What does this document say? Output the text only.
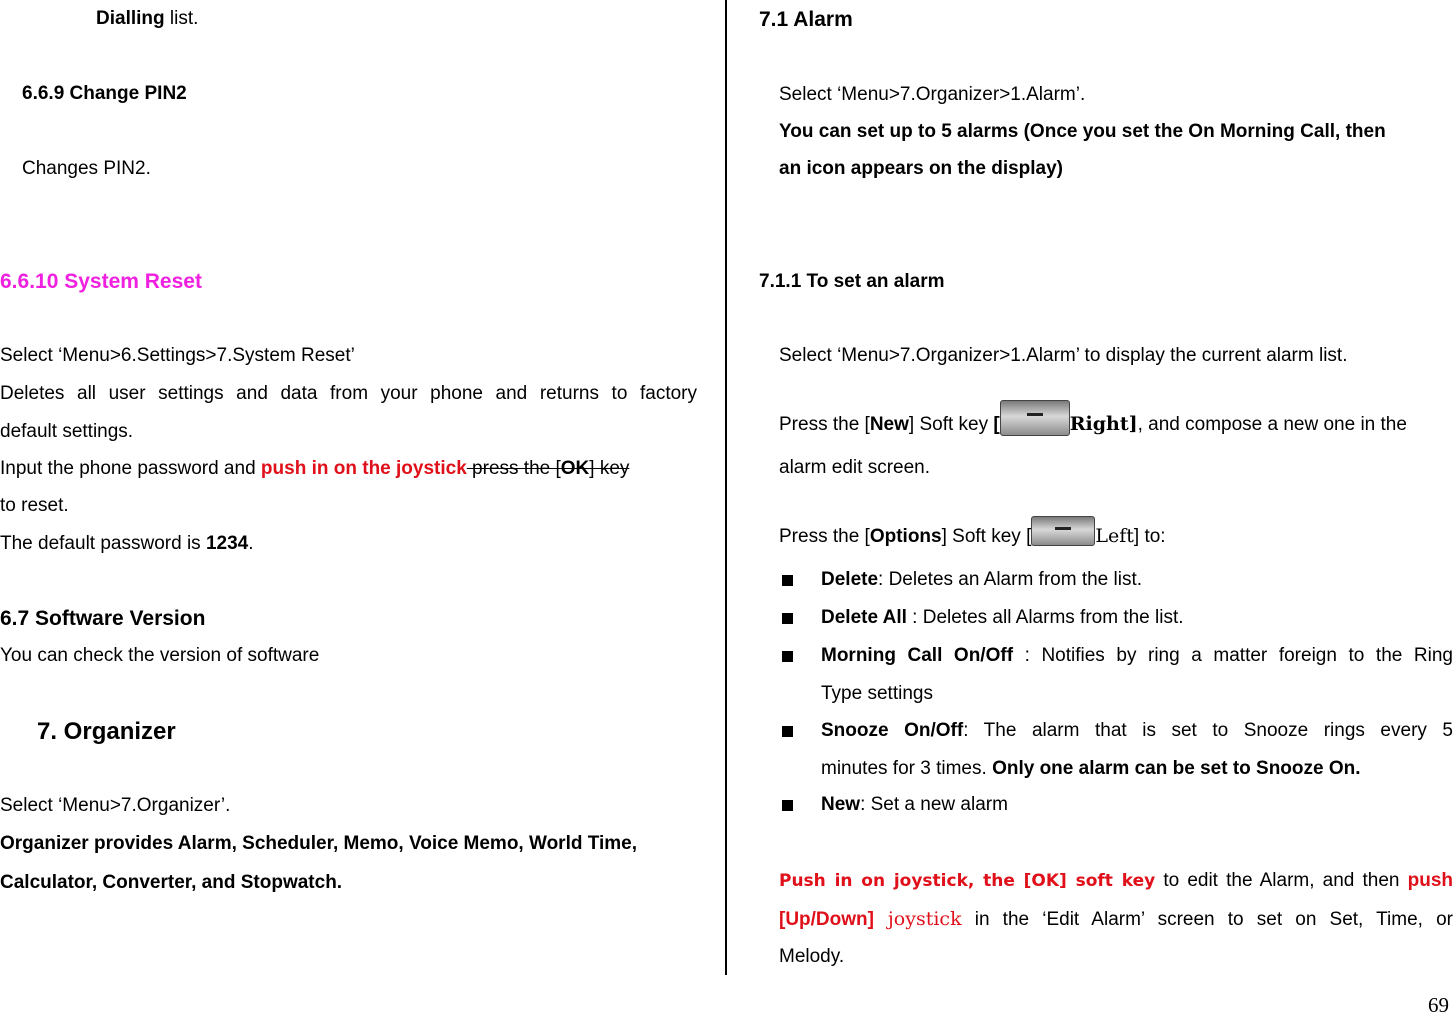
Dialling list.
6.6.9 Change PIN2
Changes PIN2.
6.6.10 System Reset
Select ‘Menu>6.Settings>7.System Reset’
Deletes all user settings and data from your phone and returns to factory
default settings.
Input the phone password and push in on the joystick press the [OK] key
to reset.
The default password is 1234.
6.7 Software Version
You can check the version of software
7. Organizer
Select ‘Menu>7.Organizer’.
Organizer provides Alarm, Scheduler, Memo, Voice Memo, World Time,
Calculator, Converter, and Stopwatch.
7.1 Alarm
Select ‘Menu>7.Organizer>1.Alarm’.
You can set up to 5 alarms (Once you set the On Morning Call, then
an icon appears on the display)
7.1.1 To set an alarm
Select ‘Menu>7.Organizer>1.Alarm’ to display the current alarm list.
Press the [New] Soft key [	Right], and compose a new one in the
alarm edit screen.
Press the [Options] Soft key [	Left] to:
Delete: Deletes an Alarm from the list.
Delete All : Deletes all Alarms from the list.
Morning Call On/Off : Notifies by ring a matter foreign to the Ring
Type settings
Snooze On/Off: The alarm that is set to Snooze rings every 5
minutes for 3 times. Only one alarm can be set to Snooze On.
New: Set a new alarm
Push in on joystick, the [OK] soft key to edit the Alarm, and then push
[Up/Down] joystick in the ‘Edit Alarm’ screen to set on Set, Time, or
Melody.
69
